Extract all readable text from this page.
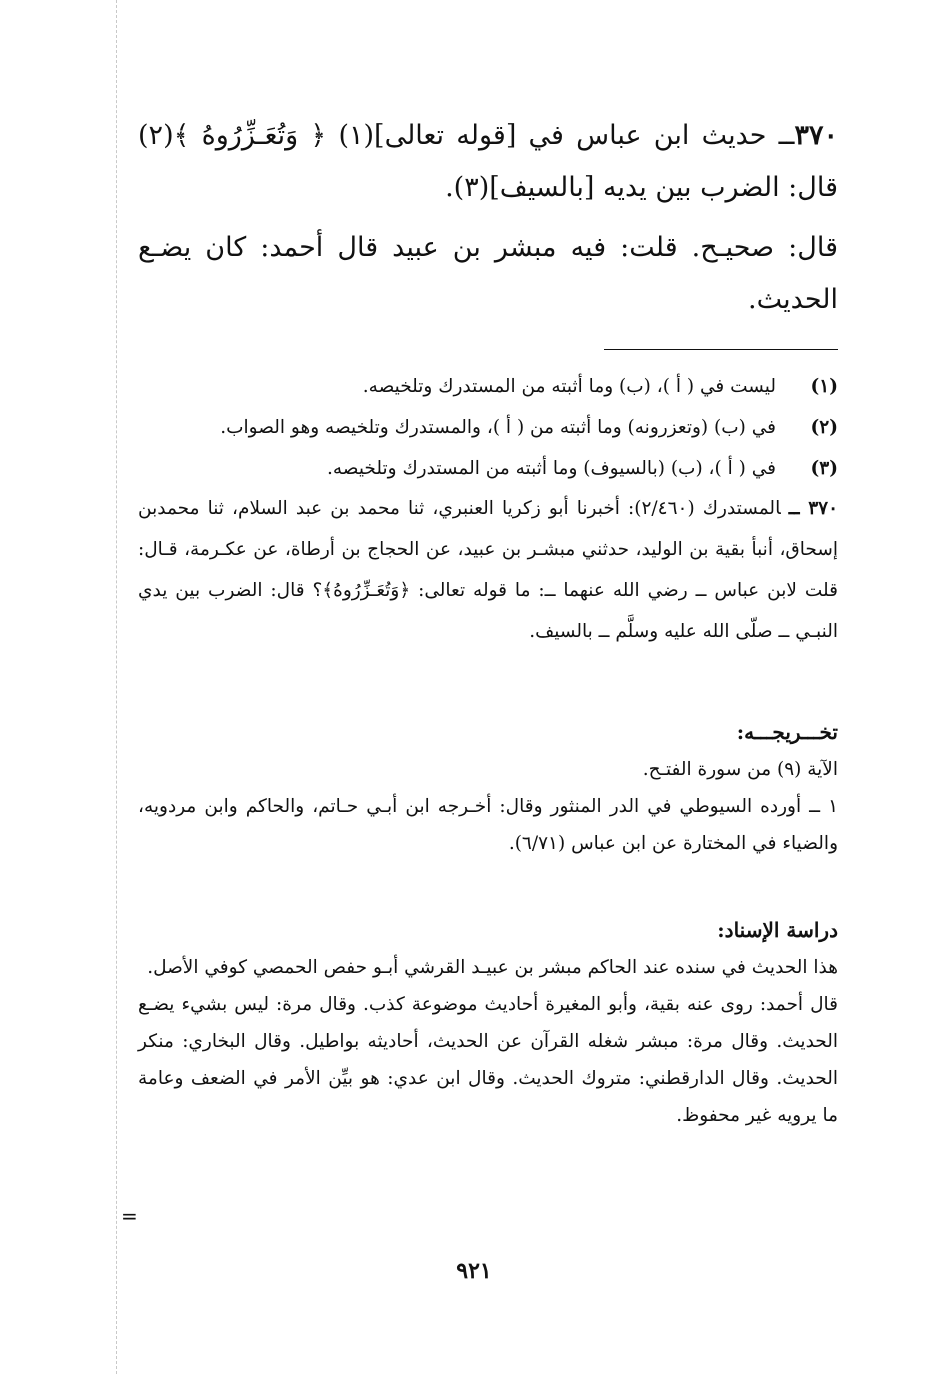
=

٣٧٠ــ حديث ابن عباس في [قوله تعالى](١) ﴿ وَتُعَـزِّرُوهُ ﴾(٢) قال: الضرب بين يديه [بالسيف](٣).

قال: صحيـح. قلت: فيه مبشر بن عبيد قال أحمد: كان يضـع الحديث.

(١)
ليست في ( أ )، (ب) وما أثبته من المستدرك وتلخيصه.
(٢)
في (ب) (وتعزرونه) وما أثبته من ( أ )، والمستدرك وتلخيصه وهو الصواب.
(٣)
في ( أ )، (ب) (بالسيوف) وما أثبته من المستدرك وتلخيصه.
٣٧٠ ــالمستدرك (٢/٤٦٠): أخبرنا أبو زكريا العنبري، ثنا محمد بن عبد السلام، ثنا محمدبن إسحاق، أنبأ بقية بن الوليد، حدثني مبشـر بن عبيد، عن الحجاج بن أرطاة، عن عكـرمة، قـال: قلت لابن عباس ــ رضي الله عنهما ــ: ما قوله تعالى: ﴿وَتُعَـزِّرُوهُ﴾؟ قال: الضرب بين يدي النبـي ــ صلّى الله عليه وسلَّم ــ بالسيف.
تخـــريجـــه:
الآية (٩) من سورة الفتـح.
١ ــ أورده السيوطي في الدر المنثور وقال: أخـرجه ابن أبـي حـاتم، والحاكم وابن مردويه، والضياء في المختارة عن ابن عباس (٦/٧١).
دراسة الإسناد:
هذا الحديث في سنده عند الحاكم مبشر بن عبيـد القرشي أبـو حفص الحمصي كوفي الأصل.
قال أحمد: روى عنه بقية، وأبو المغيرة أحاديث موضوعة كذب. وقال مرة: ليس بشيء يضـع الحديث. وقال مرة: مبشر شغله القرآن عن الحديث، أحاديثه بواطيل. وقال البخاري: منكر الحديث. وقال الدارقطني: متروك الحديث. وقال ابن عدي: هو بيِّن الأمر في الضعف وعامة ما يرويه غير محفوظ.
٩٢١
